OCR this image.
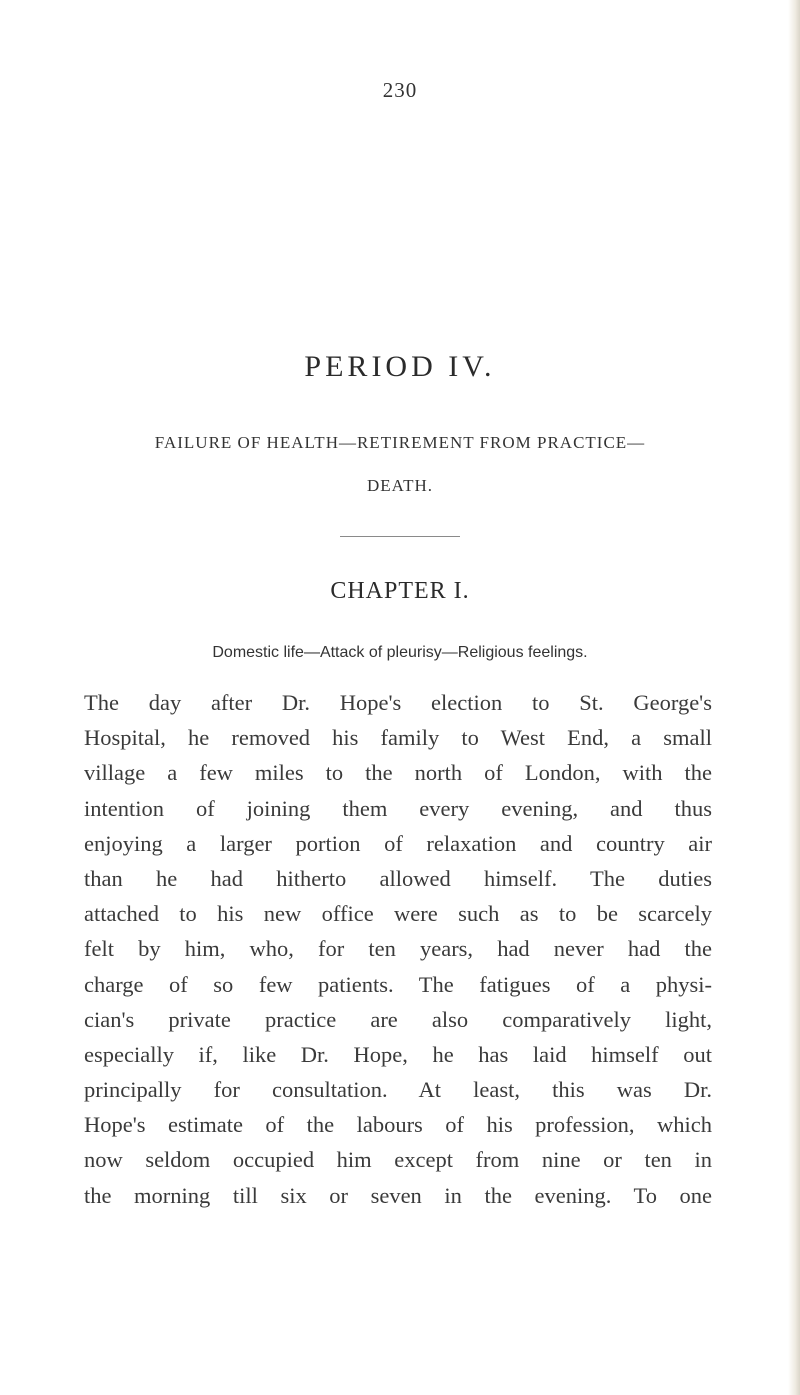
230
PERIOD IV.
FAILURE OF HEALTH—RETIREMENT FROM PRACTICE—
DEATH.
CHAPTER I.
Domestic life—Attack of pleurisy—Religious feelings.
The day after Dr. Hope's election to St. George's
Hospital, he removed his family to West End, a small
village a few miles to the north of London, with the
intention of joining them every evening, and thus
enjoying a larger portion of relaxation and country air
than he had hitherto allowed himself. The duties
attached to his new office were such as to be scarcely
felt by him, who, for ten years, had never had the
charge of so few patients. The fatigues of a physi-
cian's private practice are also comparatively light,
especially if, like Dr. Hope, he has laid himself out
principally for consultation. At least, this was Dr.
Hope's estimate of the labours of his profession, which
now seldom occupied him except from nine or ten in
the morning till six or seven in the evening. To one
